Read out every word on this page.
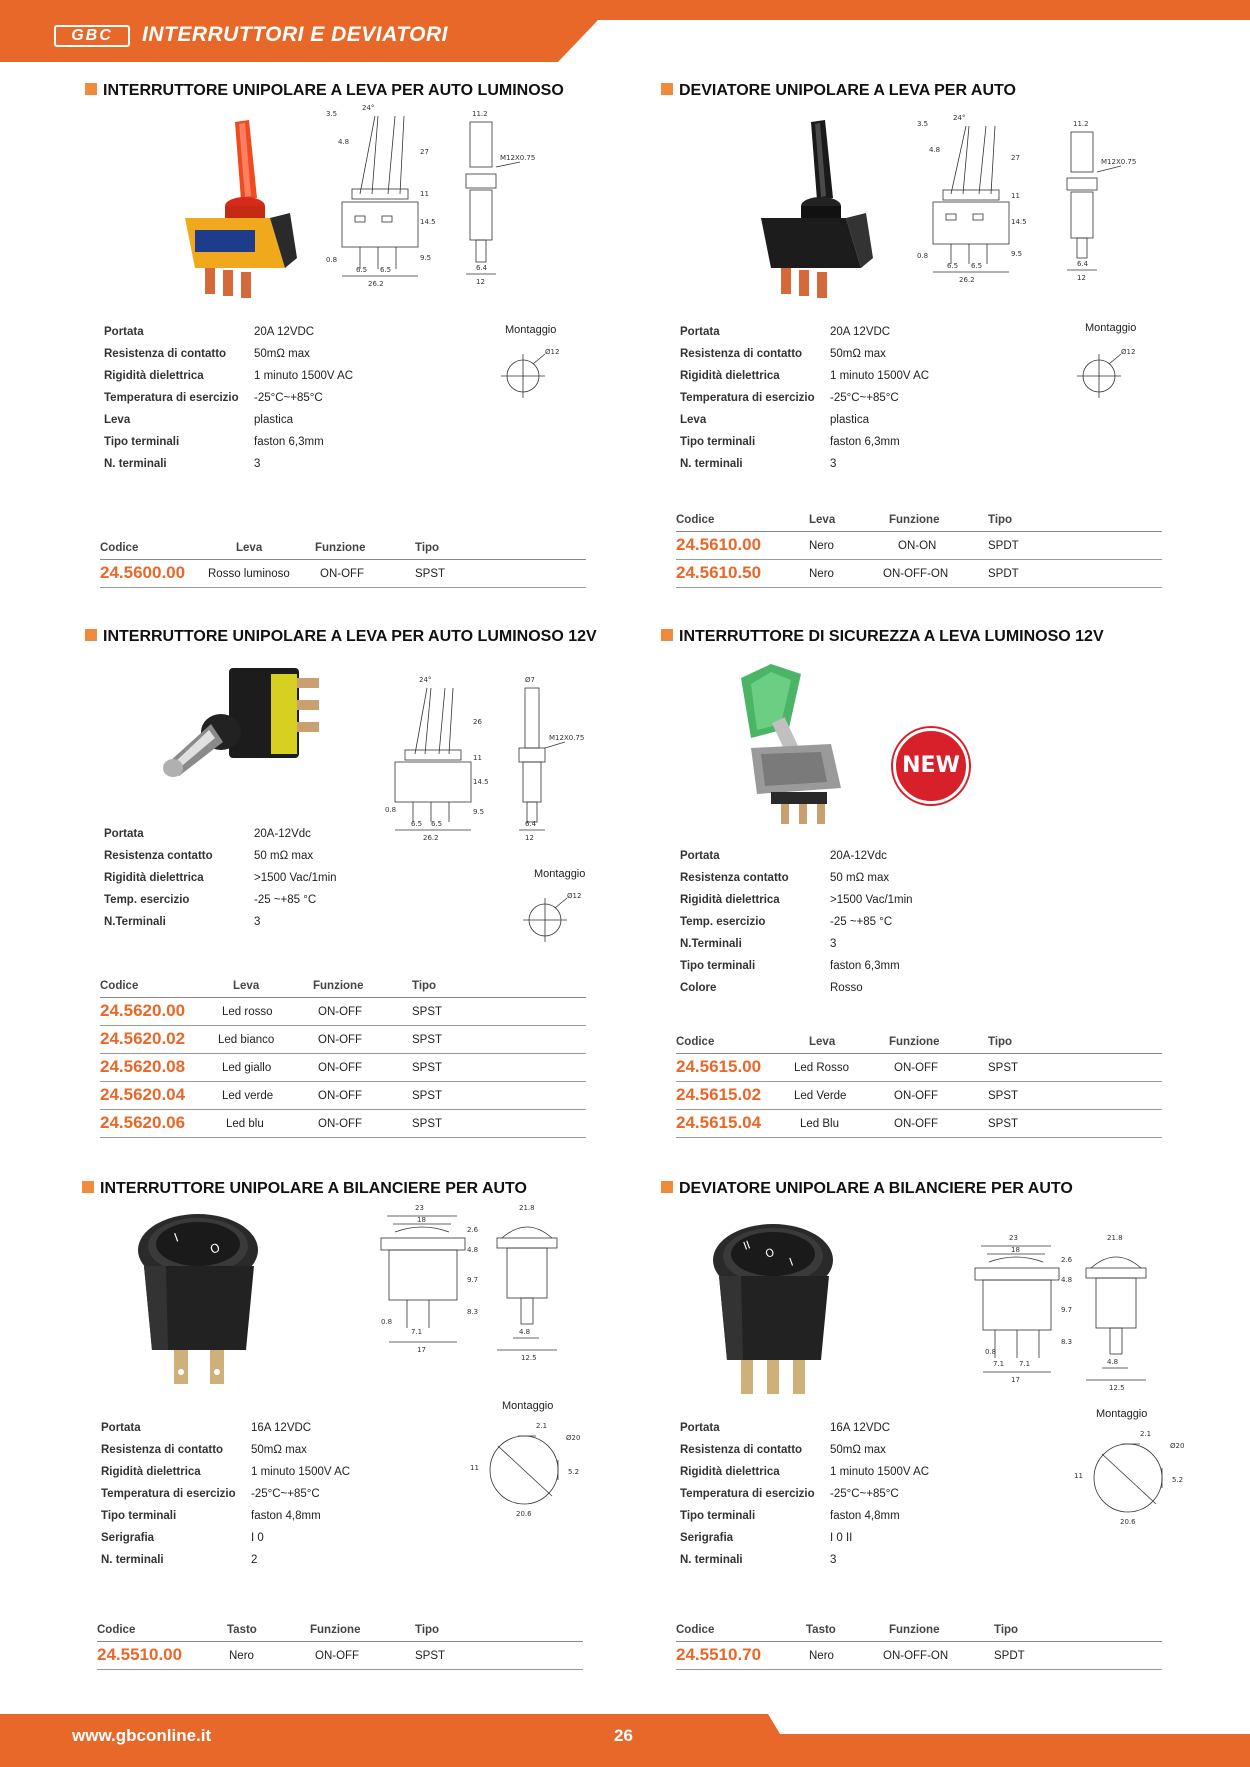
GBC	INTERRUTTORI E DEVIATORI
INTERRUTTORE UNIPOLARE A LEVA PER AUTO LUMINOSO
3.5
24°
4.8
27
11
14.5
9.5
0.8
6.5 6.5
26.2
11.2
M12X0.75
6.4
12
Montaggio
Ø12
Portata	20A 12VDC
Resistenza di contatto 50mΩ max
Rigidità dielettrica	1 minuto 1500V AC
Temperatura di esercizio -25°C~+85°C
Leva	plastica
Tipo terminali	faston 6,3mm
N. terminali	3
Codice	Leva	Funzione	Tipo
24.5600.00 Rosso luminoso	ON-OFF	SPST
DEVIATORE UNIPOLARE A LEVA PER AUTO
3.5
24°
4.8
27
11
14.5
9.5
0.8
6.5 6.5
26.2
11.2
M12X0.75
6.4
12
Montaggio
Ø12
Portata	20A 12VDC
Resistenza di contatto 50mΩ max
Rigidità dielettrica	1 minuto 1500V AC
Temperatura di esercizio -25°C~+85°C
Leva	plastica
Tipo terminali	faston 6,3mm
N. terminali	3
Codice	Leva	Funzione	Tipo
24.5610.00	Nero	ON-ON	SPDT
24.5610.50	Nero	ON-OFF-ON	SPDT
INTERRUTTORE UNIPOLARE A LEVA PER AUTO LUMINOSO 12V
24°
26
11
14.5
9.5
0.8
6.5 6.5
26.2
Ø7
M12X0.75
6.4
12
Montaggio
Ø12
Portata	20A-12Vdc
Resistenza contatto	50 mΩ max
Rigidità dielettrica	>1500 Vac/1min
Temp. esercizio	-25 ~+85 °C
N.Terminali	3
Codice	Leva	Funzione	Tipo
24.5620.00	Led rosso	ON-OFF	SPST
24.5620.02	Led bianco	ON-OFF	SPST
24.5620.08	Led giallo	ON-OFF	SPST
24.5620.04	Led verde	ON-OFF	SPST
24.5620.06	Led blu	ON-OFF	SPST
INTERRUTTORE DI SICUREZZA A LEVA LUMINOSO 12V
NEW
Portata	20A-12Vdc
Resistenza contatto	50 mΩ max
Rigidità dielettrica	>1500 Vac/1min
Temp. esercizio	-25 ~+85 °C
N.Terminali	3
Tipo terminali	faston 6,3mm
Colore	Rosso
Codice	Leva	Funzione	Tipo
24.5615.00	Led Rosso	ON-OFF	SPST
24.5615.02	Led Verde	ON-OFF	SPST
24.5615.04	Led Blu	ON-OFF	SPST
INTERRUTTORE UNIPOLARE A BILANCIERE PER AUTO
I
O
23
18
21.8
2.6
4.8
9.7
8.3
0.8
7.1
17
4.8
12.5
Montaggio
2.1
Ø20
11	5.2
20.6
Portata	16A 12VDC
Resistenza di contatto 50mΩ max
Rigidità dielettrica	1 minuto 1500V AC
Temperatura di esercizio -25°C~+85°C
Tipo terminali	faston 4,8mm
Serigrafia	I 0
N. terminali	2
Codice	Tasto	Funzione	Tipo
24.5510.00	Nero	ON-OFF	SPST
DEVIATORE UNIPOLARE A BILANCIERE PER AUTO
II
O
I
23
18
21.8
2.6
4.8
9.7
8.3
0.8
7.1 7.1
17
4.8
12.5
Montaggio
2.1
Ø20
11	5.2
20.6
Portata	16A 12VDC
Resistenza di contatto 50mΩ max
Rigidità dielettrica	1 minuto 1500V AC
Temperatura di esercizio -25°C~+85°C
Tipo terminali	faston 4,8mm
Serigrafia	I 0 II
N. terminali	3
Codice	Tasto	Funzione	Tipo
24.5510.70	Nero	ON-OFF-ON	SPDT
www.gbconline.it	26
